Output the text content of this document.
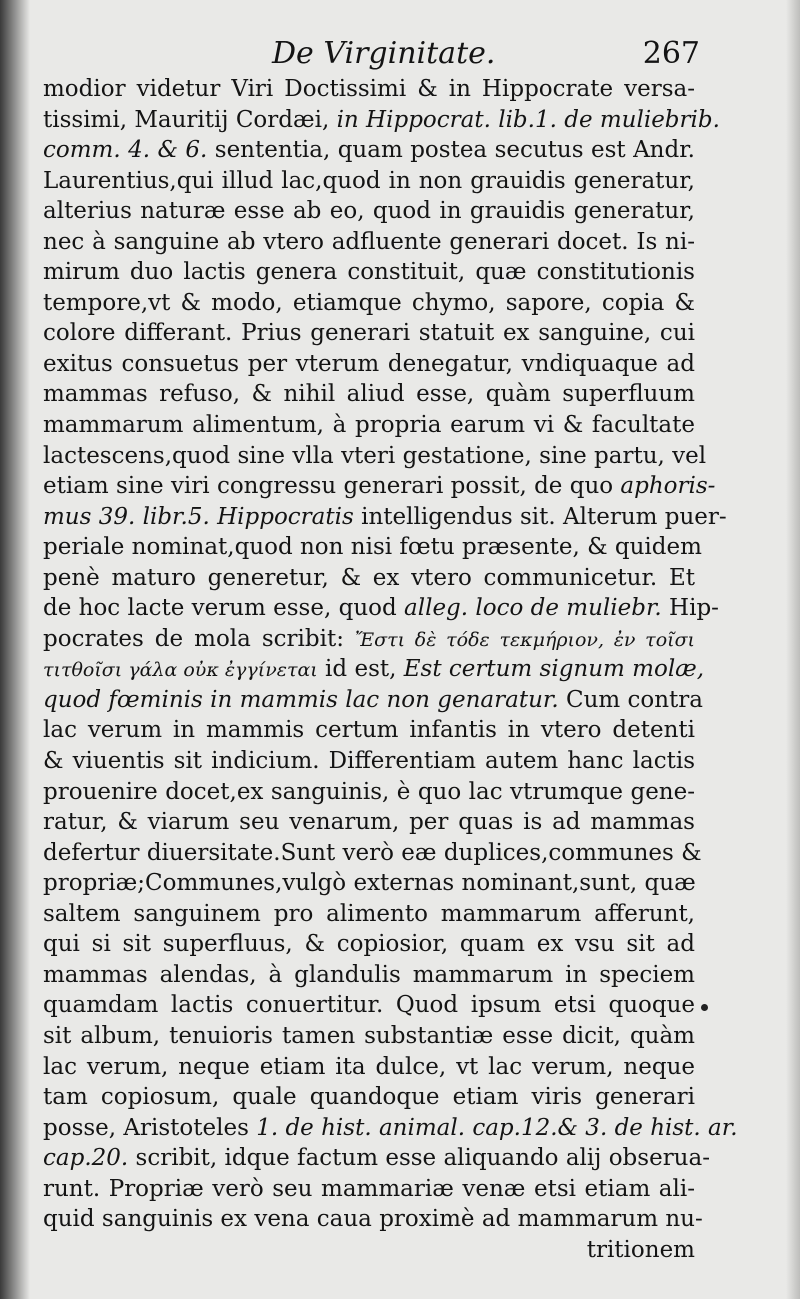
De Virginitate.	267
modior videtur Viri Doctissimi & in Hippocrate versa-
tissimi, Mauritij Cordæi, in Hippocrat. lib.1. de muliebrib.
comm. 4. & 6. sententia, quam postea secutus est Andr.
Laurentius,qui illud lac,quod in non grauidis generatur,
alterius naturæ esse ab eo, quod in grauidis generatur,
nec à sanguine ab vtero adfluente generari docet. Is ni-
mirum duo lactis genera constituit, quæ constitutionis
tempore,vt & modo, etiamque chymo, sapore, copia &
colore differant. Prius generari statuit ex sanguine, cui
exitus consuetus per vterum denegatur, vndiquaque ad
mammas refuso, & nihil aliud esse, quàm superfluum
mammarum alimentum, à propria earum vi & facultate
lactescens,quod sine vlla vteri gestatione, sine partu, vel
etiam sine viri congressu generari possit, de quo aphoris-
mus 39. libr.5. Hippocratis intelligendus sit. Alterum puer-
periale nominat,quod non nisi fœtu præsente, & quidem
penè maturo generetur, & ex vtero communicetur. Et
de hoc lacte verum esse, quod alleg. loco de muliebr. Hip-
pocrates de mola scribit: Ἔστι δὲ τόδε τεκμήριον, ἐν τοῖσι
τιτθοῖσι γάλα οὐκ ἐγγίνεται id est, Est certum signum molæ,
quod fœminis in mammis lac non genaratur. Cum contra
lac verum in mammis certum infantis in vtero detenti
& viuentis sit indicium. Differentiam autem hanc lactis
prouenire docet,ex sanguinis, è quo lac vtrumque gene-
ratur, & viarum seu venarum, per quas is ad mammas
defertur diuersitate.Sunt verò eæ duplices,communes &
propriæ;Communes,vulgò externas nominant,sunt, quæ
saltem sanguinem pro alimento mammarum afferunt,
qui si sit superfluus, & copiosior, quam ex vsu sit ad
mammas alendas, à glandulis mammarum in speciem
quamdam lactis conuertitur. Quod ipsum etsi quoque
sit album, tenuioris tamen substantiæ esse dicit, quàm
lac verum, neque etiam ita dulce, vt lac verum, neque
tam copiosum, quale quandoque etiam viris generari
posse, Aristoteles 1. de hist. animal. cap.12.& 3. de hist. ar.
cap.20. scribit, idque factum esse aliquando alij obserua-
runt. Propriæ verò seu mammariæ venæ etsi etiam ali-
quid sanguinis ex vena caua proximè ad mammarum nu-
tritionem
